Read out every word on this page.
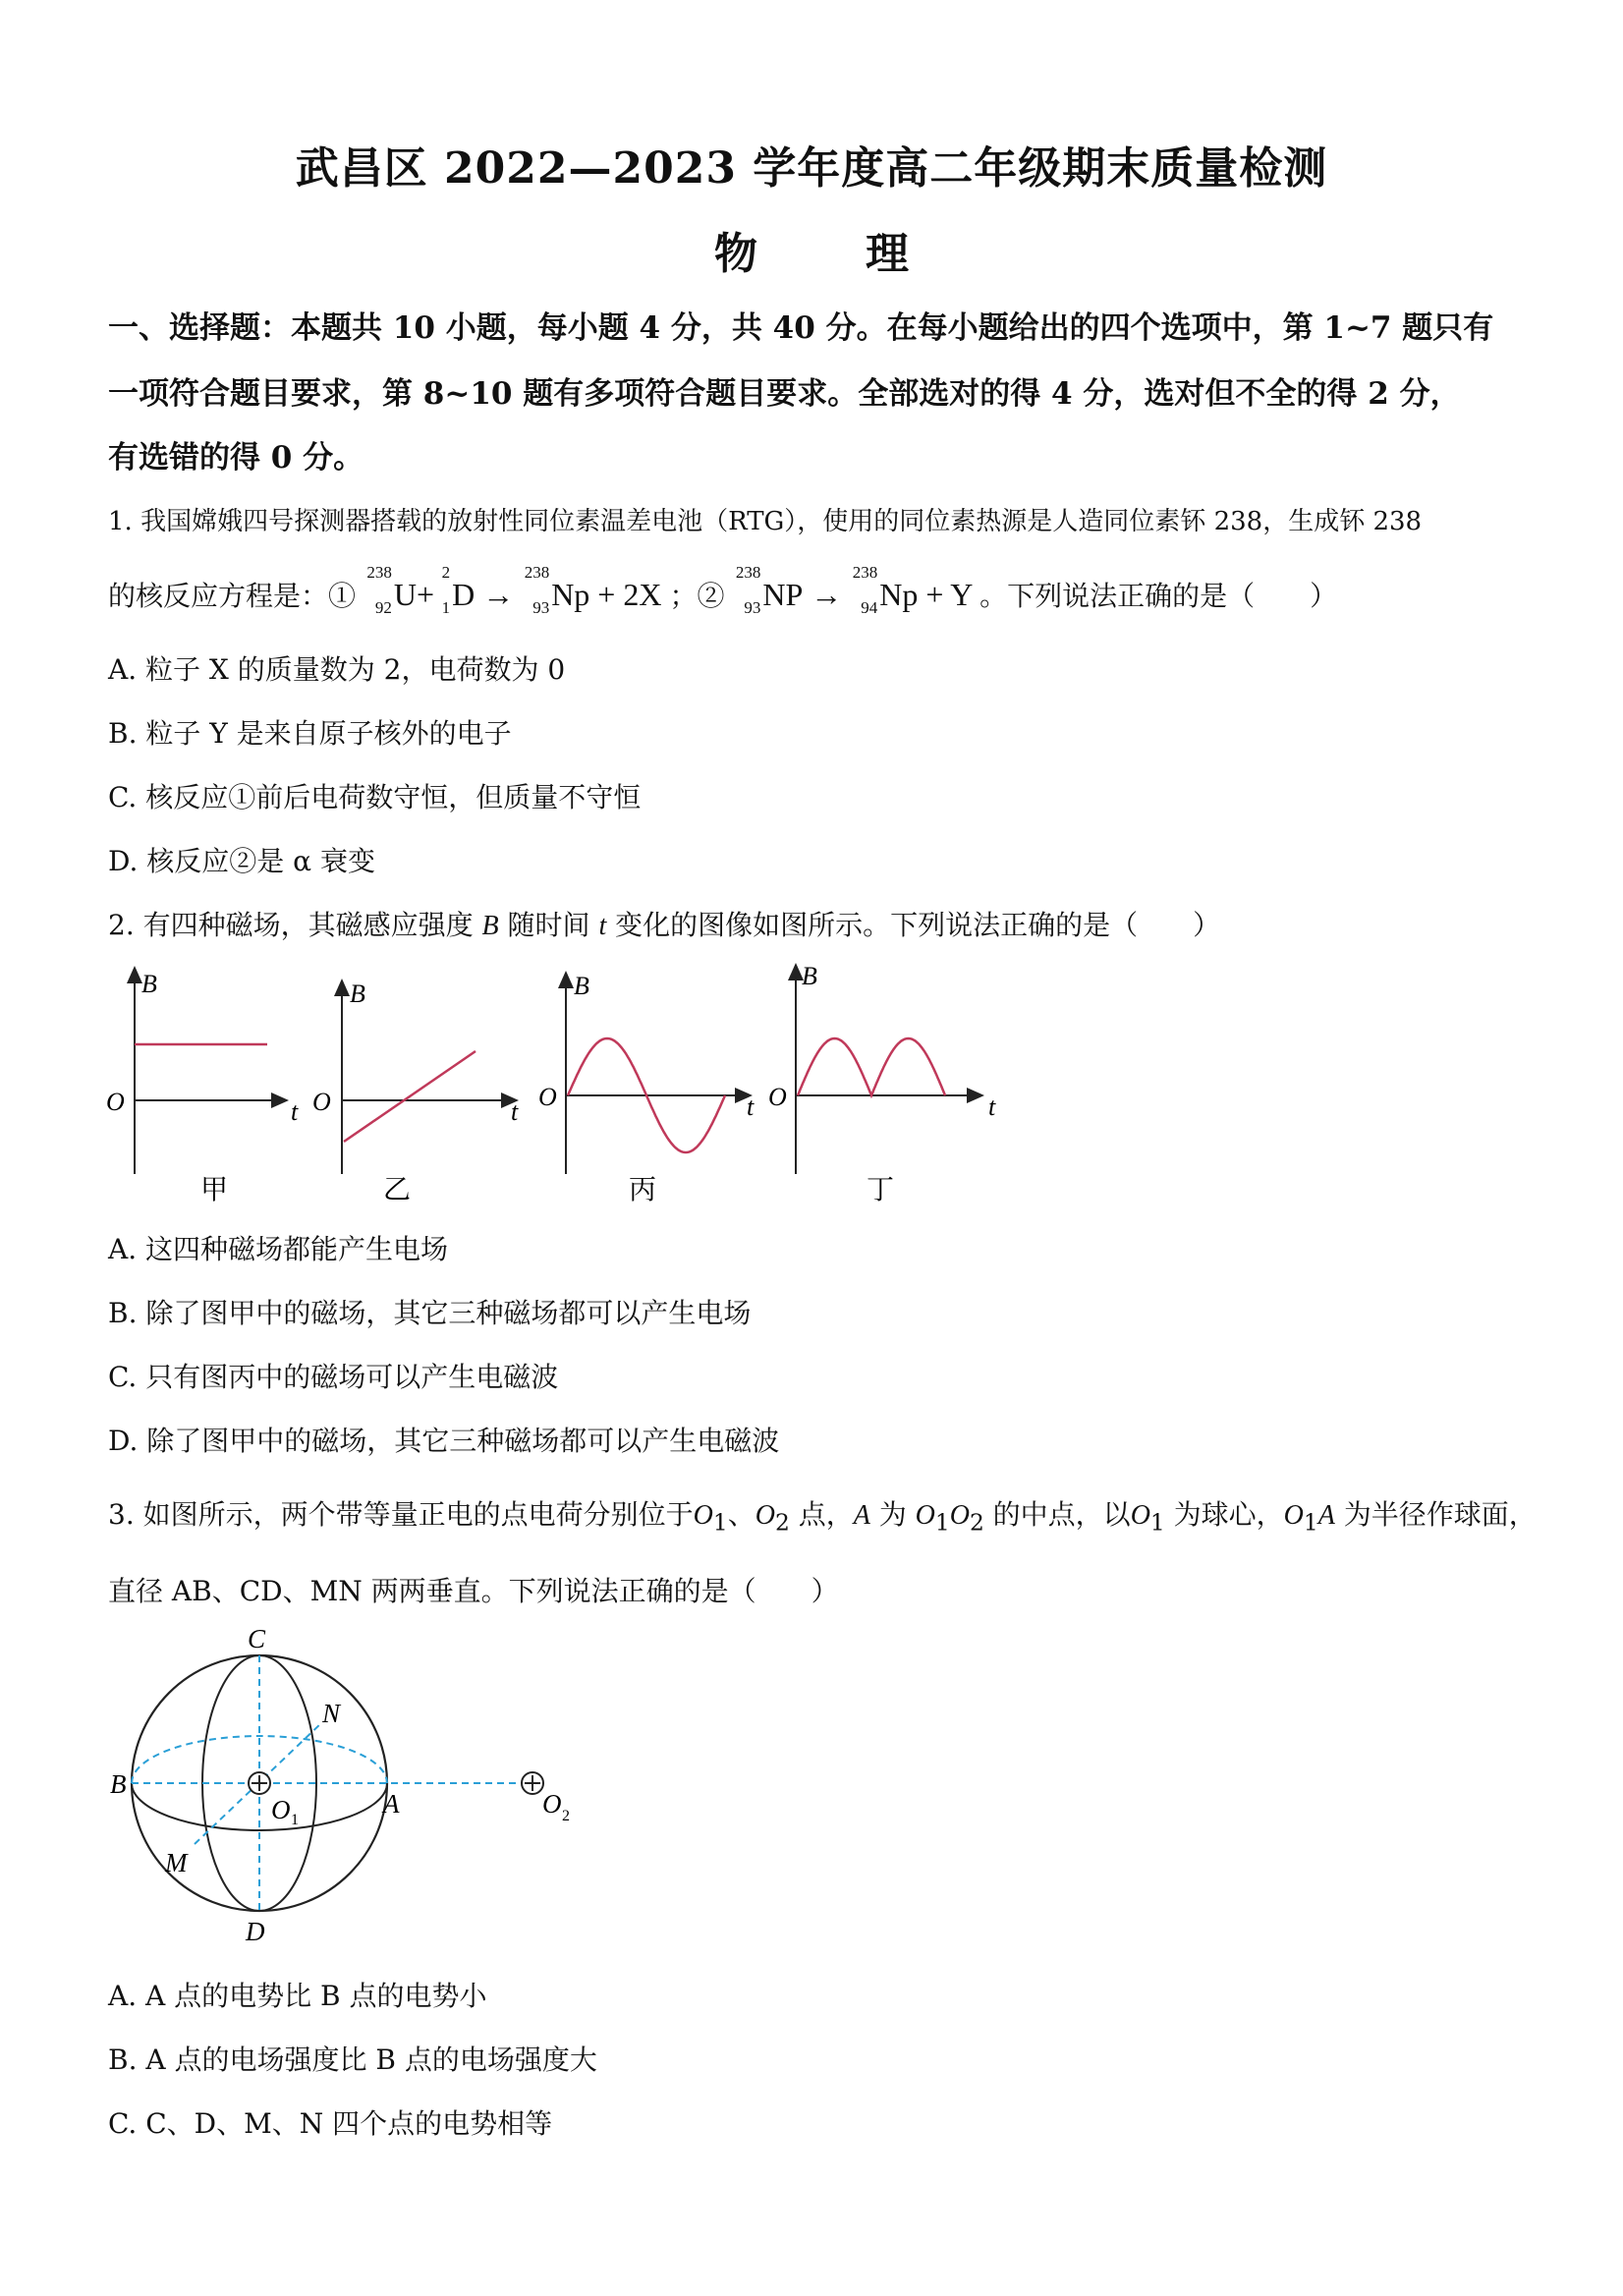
武昌区 2022—2023 学年度高二年级期末质量检测
物	理
一、选择题：本题共 10 小题，每小题 4 分，共 40 分。在每小题给出的四个选项中，第 1~7 题只有
一项符合题目要求，第 8~10 题有多项符合题目要求。全部选对的得 4 分，选对但不全的得 2 分，
有选错的得 0 分。
1. 我国嫦娥四号探测器搭载的放射性同位素温差电池（RTG），使用的同位素热源是人造同位素钚 238，生成钚 238
的核反应方程是：①
238
92 U+
2
1 D →
238
93 Np + 2X ；②
238
93 NP →
238
94 Np + Y 。下列说法正确的是（　　）
A. 粒子 X 的质量数为 2，电荷数为 0
B. 粒子 Y 是来自原子核外的电子
C. 核反应①前后电荷数守恒，但质量不守恒
D. 核反应②是 α 衰变
2. 有四种磁场，其磁感应强度 B 随时间 t 变化的图像如图所示。下列说法正确的是（　　）
B
t
O
甲
B
t
O
乙
B
t
O
丙
B
t
O
丁
A. 这四种磁场都能产生电场
B. 除了图甲中的磁场，其它三种磁场都可以产生电场
C. 只有图丙中的磁场可以产生电磁波
D. 除了图甲中的磁场，其它三种磁场都可以产生电磁波
3. 如图所示，两个带等量正电的点电荷分别位于$O_1$、$O_2$ 点，A 为 $O_1O_2$ 的中点，以$O_1$ 为球心，$O_1A$ 为半径作球面，
直径 AB、CD、MN 两两垂直。下列说法正确的是（　　）
C
N
B
O 1
A	O 2
M
D
A. A 点的电势比 B 点的电势小
B. A 点的电场强度比 B 点的电场强度大
C. C、D、M、N 四个点的电势相等
